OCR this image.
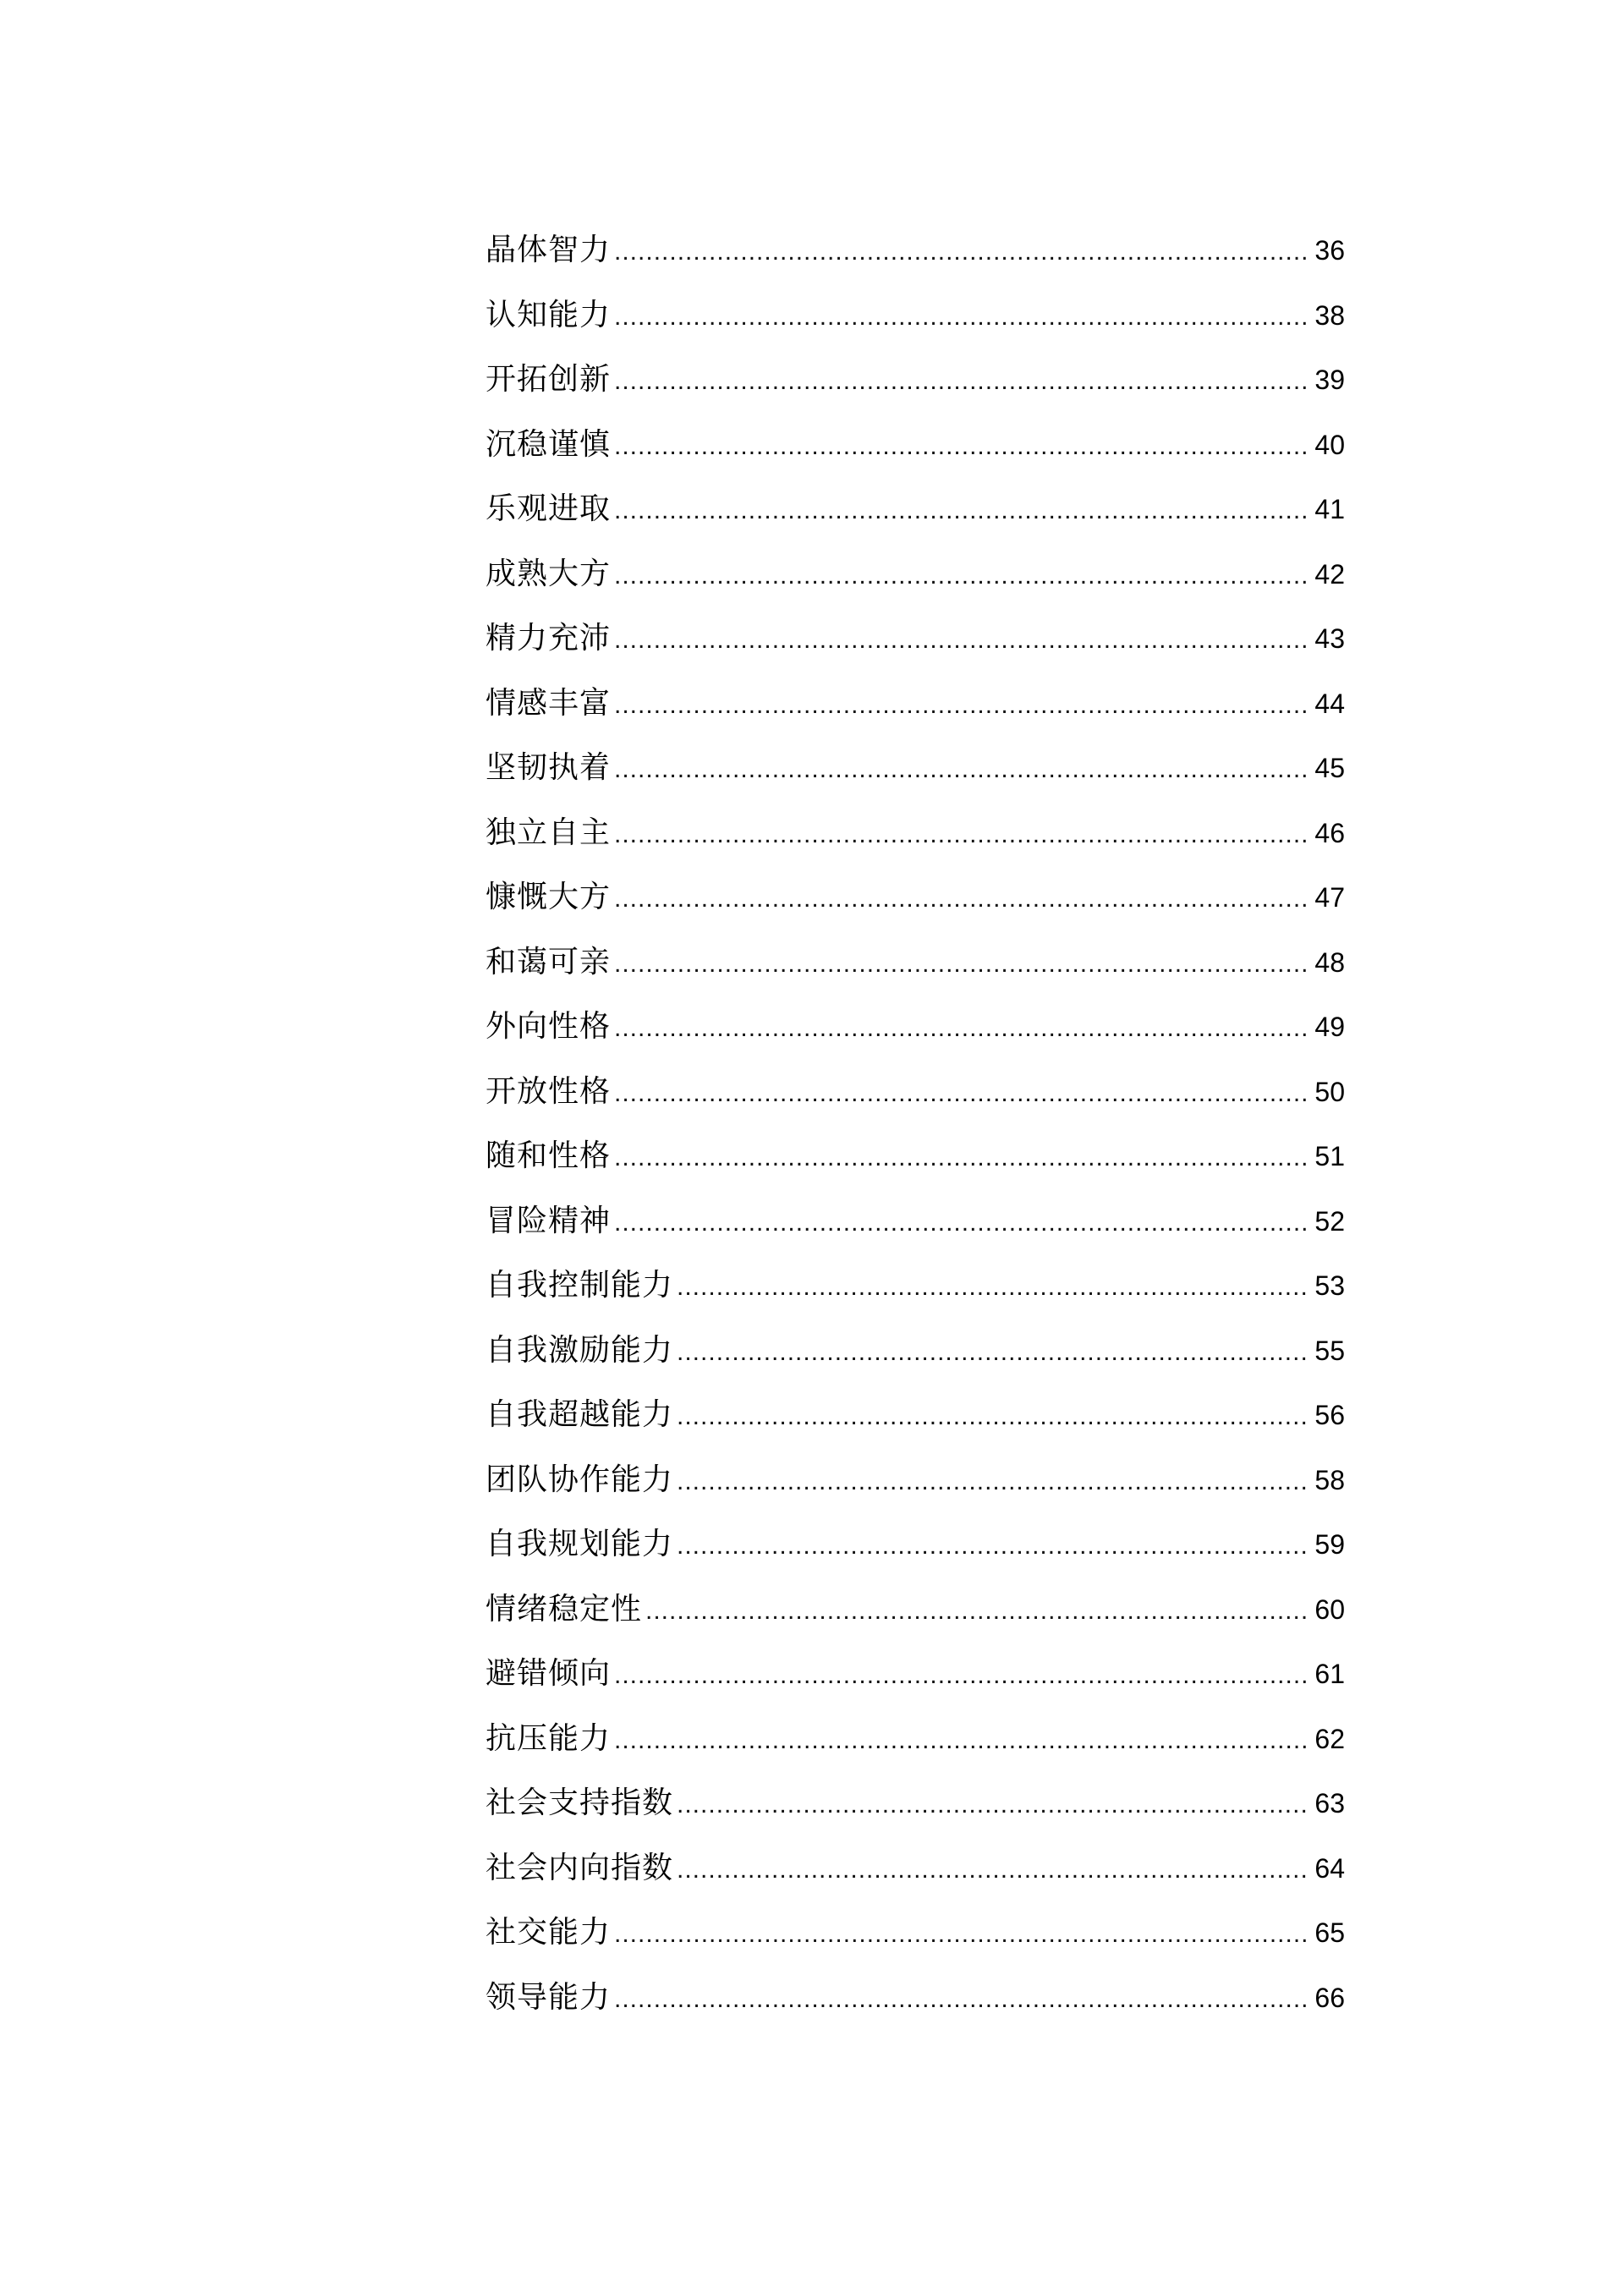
晶体智力 .....	36
认知能力 .....	38
开拓创新 .....	39
沉稳谨慎 .....	40
乐观进取 .....	41
成熟大方 .....	42
精力充沛 .....	43
情感丰富 .....	44
坚韧执着 .....	45
独立自主 .....	46
慷慨大方 .....	47
和蔼可亲 .....	48
外向性格 .....	49
开放性格 .....	50
随和性格 .....	51
冒险精神 .....	52
自我控制能力 .....	53
自我激励能力 .....	55
自我超越能力 .....	56
团队协作能力 .....	58
自我规划能力 .....	59
情绪稳定性 .....	60
避错倾向 .....	61
抗压能力 .....	62
社会支持指数 .....	63
社会内向指数 .....	64
社交能力 .....	65
领导能力 .....	66
